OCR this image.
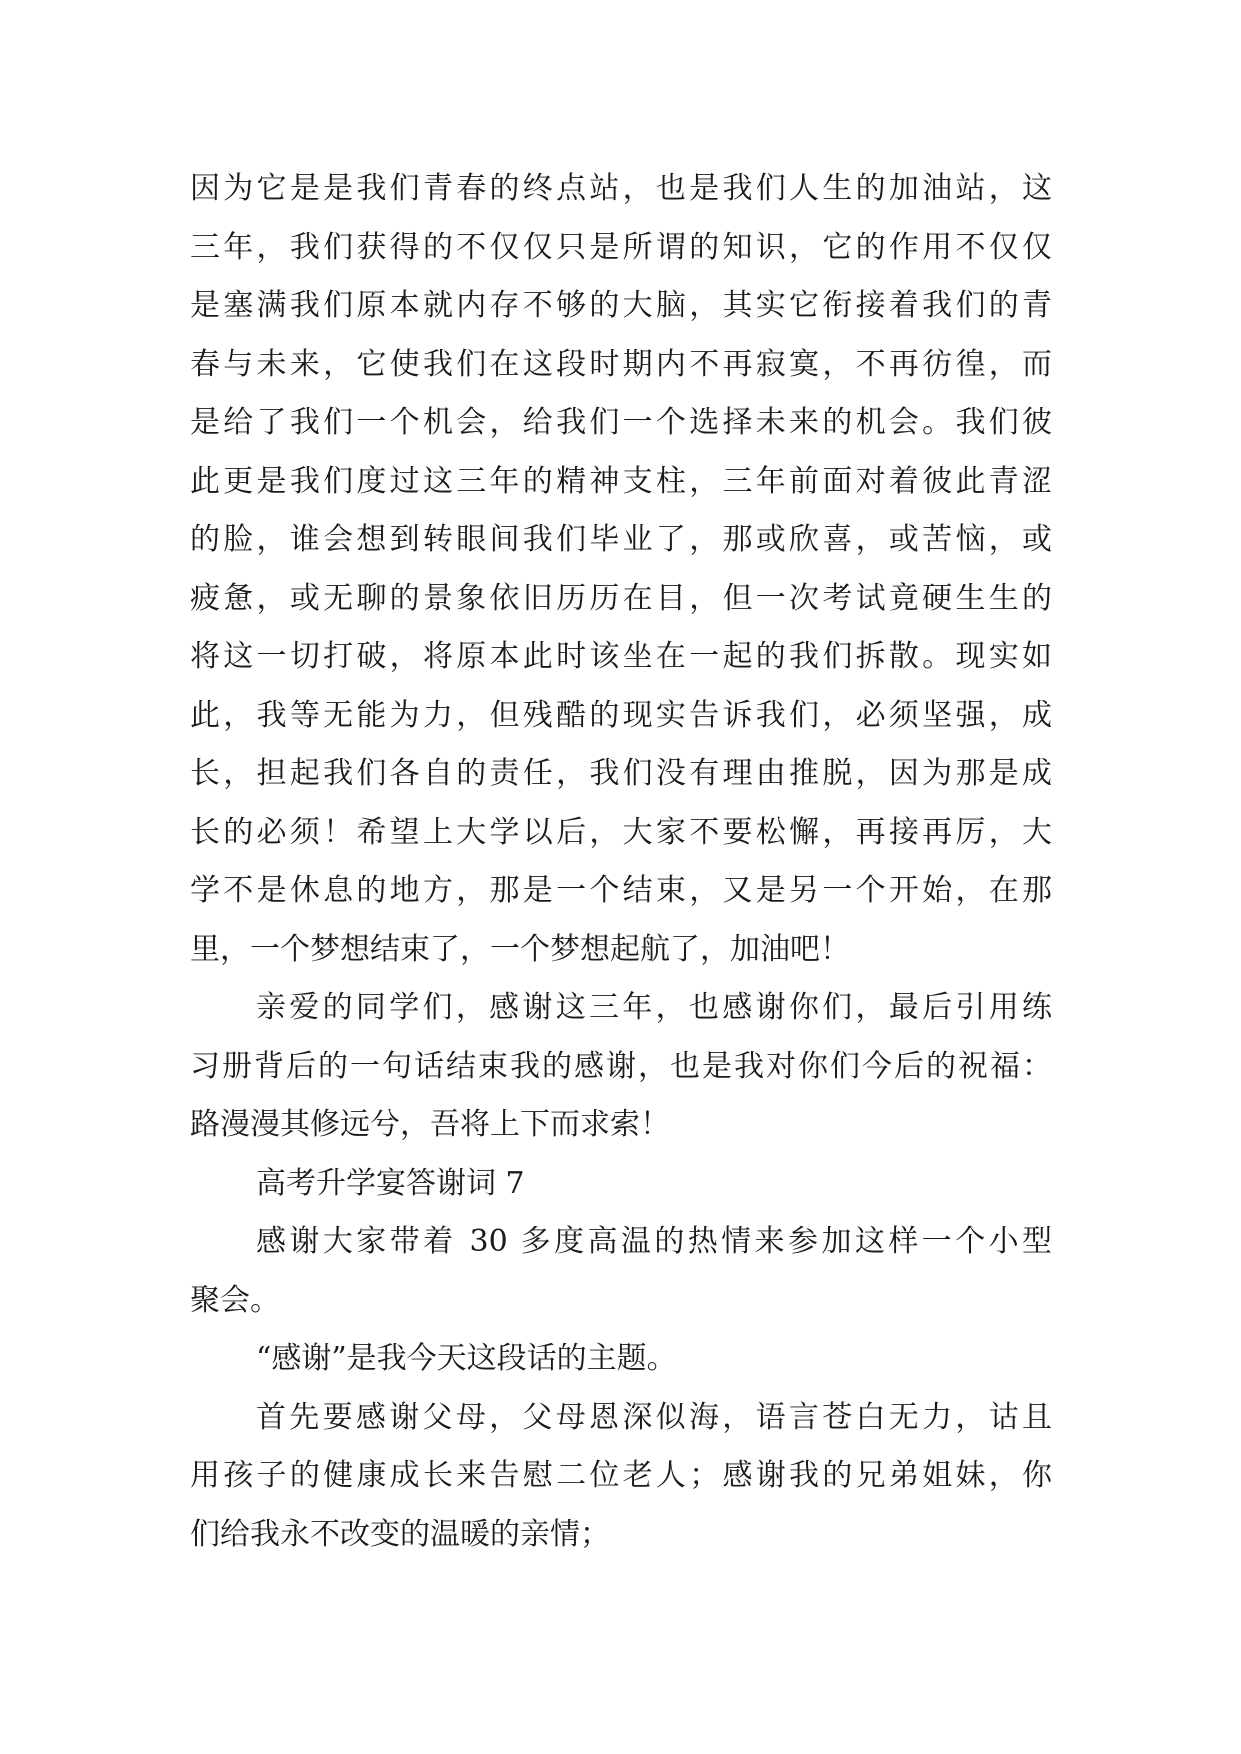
因为它是是我们青春的终点站，也是我们人生的加油站，这
三年，我们获得的不仅仅只是所谓的知识，它的作用不仅仅
是塞满我们原本就内存不够的大脑，其实它衔接着我们的青
春与未来，它使我们在这段时期内不再寂寞，不再彷徨，而
是给了我们一个机会，给我们一个选择未来的机会。我们彼
此更是我们度过这三年的精神支柱，三年前面对着彼此青涩
的脸，谁会想到转眼间我们毕业了，那或欣喜，或苦恼，或
疲惫，或无聊的景象依旧历历在目，但一次考试竟硬生生的
将这一切打破，将原本此时该坐在一起的我们拆散。现实如
此，我等无能为力，但残酷的现实告诉我们，必须坚强，成
长，担起我们各自的责任，我们没有理由推脱，因为那是成
长的必须！希望上大学以后，大家不要松懈，再接再厉，大
学不是休息的地方，那是一个结束，又是另一个开始，在那
里，一个梦想结束了，一个梦想起航了，加油吧！
亲爱的同学们，感谢这三年，也感谢你们，最后引用练
习册背后的一句话结束我的感谢，也是我对你们今后的祝福：
路漫漫其修远兮，吾将上下而求索！
高考升学宴答谢词 7
感谢大家带着 30 多度高温的热情来参加这样一个小型
聚会。
“感谢”是我今天这段话的主题。
首先要感谢父母，父母恩深似海，语言苍白无力，诂且
用孩子的健康成长来告慰二位老人；感谢我的兄弟姐妹，你
们给我永不改变的温暖的亲情；
